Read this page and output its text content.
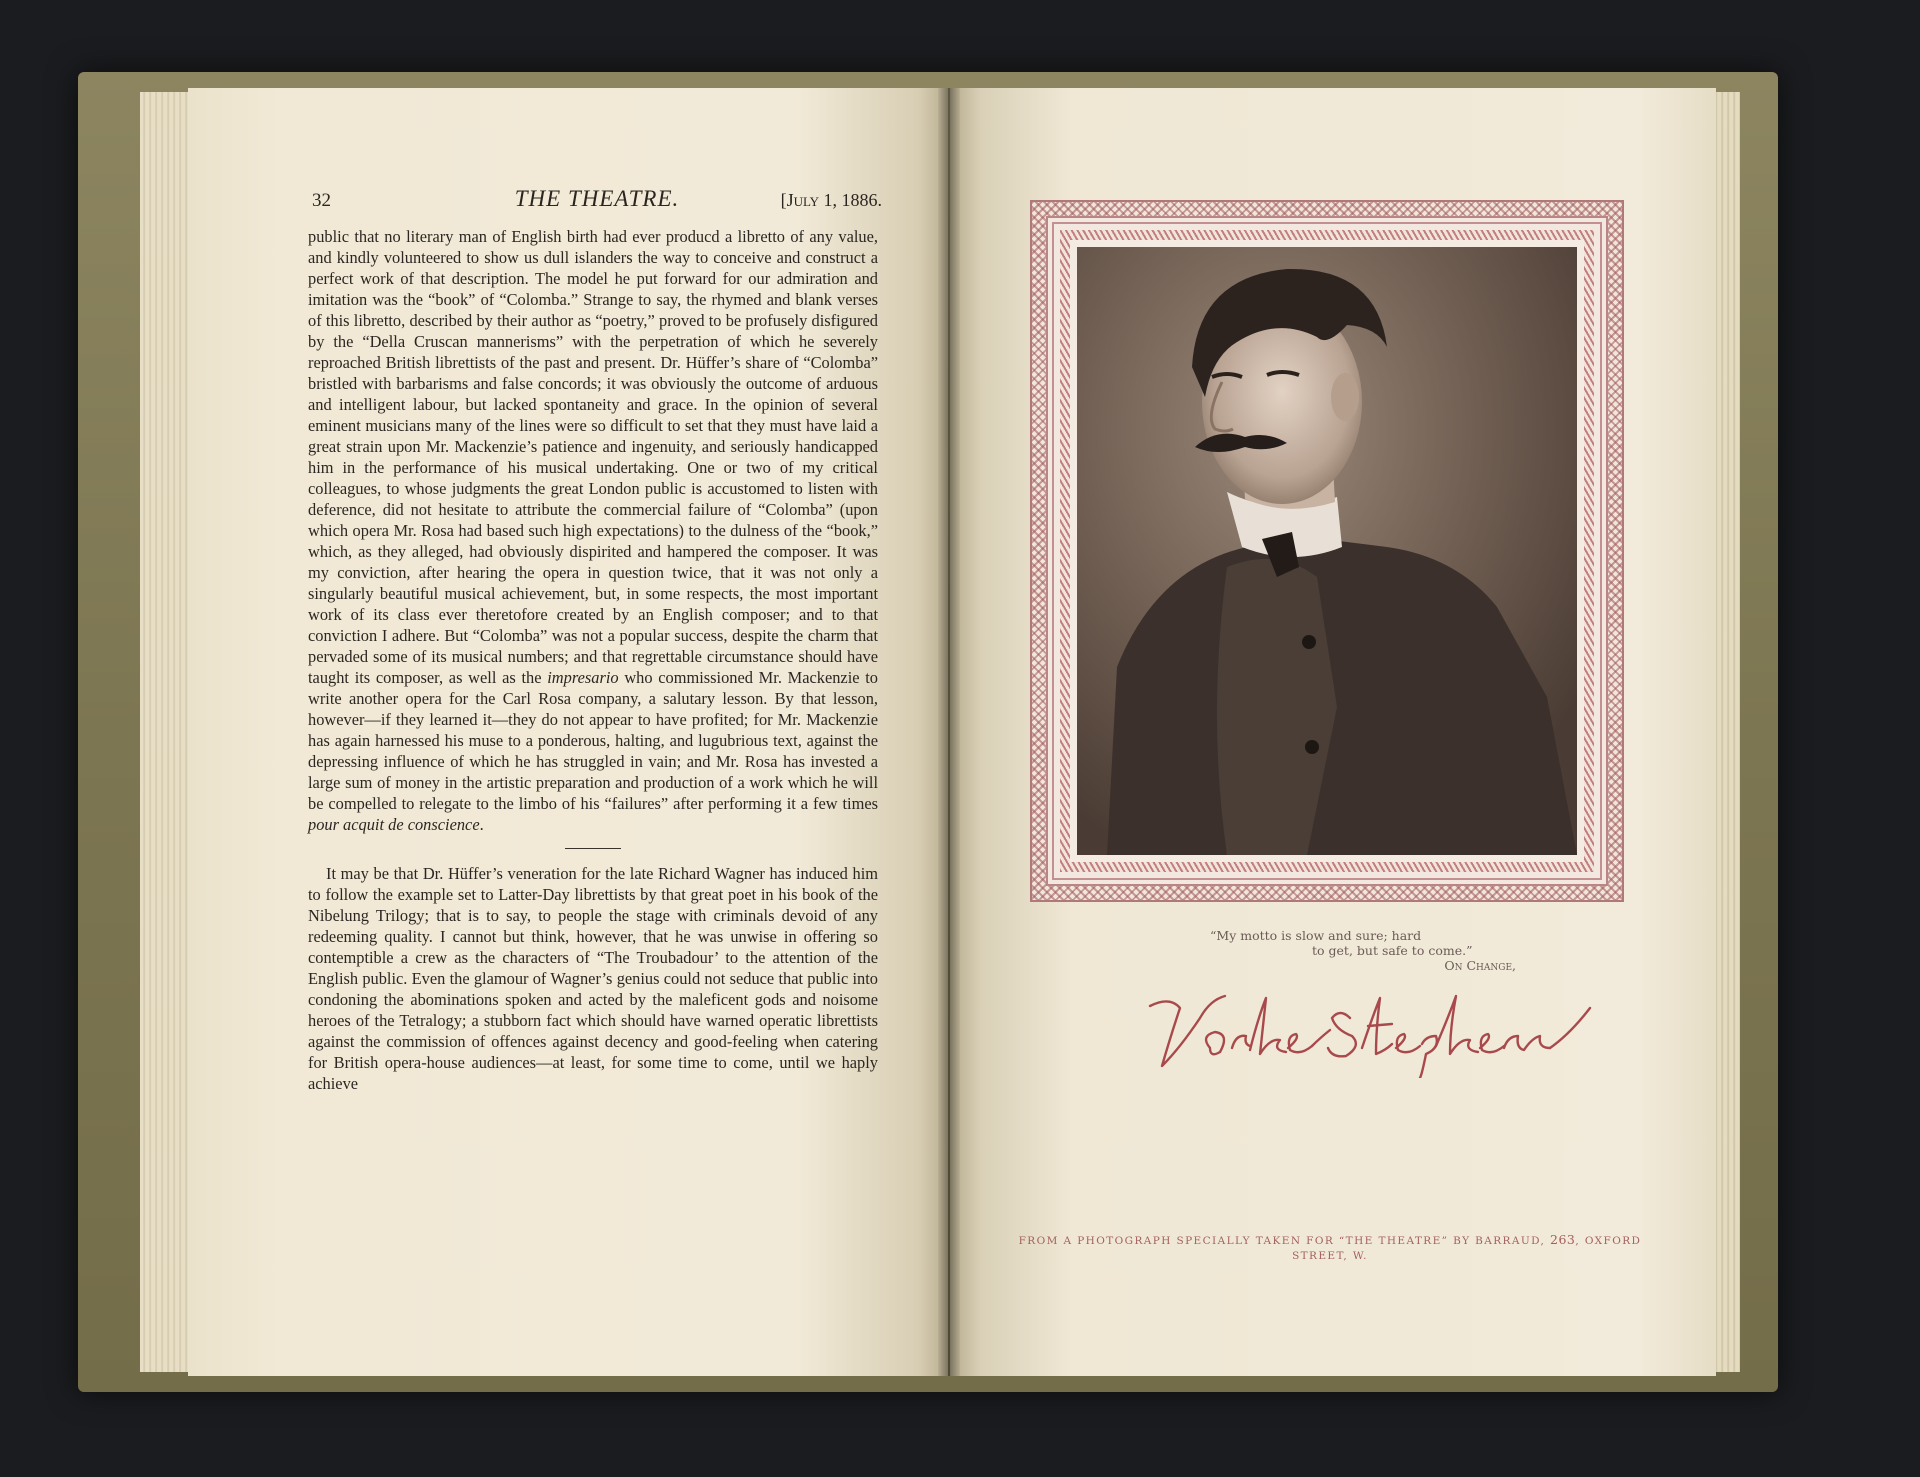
32	THE THEATRE.	[July 1, 1886.

public that no literary man of English birth had ever producd a libretto of any value, and kindly volunteered to show us dull islanders the way to conceive and construct a perfect work of that description. The model he put forward for our admiration and imitation was the “book” of “Colomba.” Strange to say, the rhymed and blank verses of this libretto, described by their author as “poetry,” proved to be profusely disfigured by the “Della Cruscan mannerisms” with the perpetration of which he severely reproached British librettists of the past and present. Dr. Hüffer’s share of “Colomba” bristled with barbarisms and false concords; it was obviously the outcome of arduous and intelligent labour, but lacked spontaneity and grace. In the opinion of several eminent musicians many of the lines were so difficult to set that they must have laid a great strain upon Mr. Mackenzie’s patience and ingenuity, and seriously handicapped him in the performance of his musical undertaking. One or two of my critical colleagues, to whose judgments the great London public is accustomed to listen with deference, did not hesitate to attribute the commercial failure of “Colomba” (upon which opera Mr. Rosa had based such high expectations) to the dulness of the “book,” which, as they alleged, had obviously dispirited and hampered the composer. It was my conviction, after hearing the opera in question twice, that it was not only a singularly beautiful musical achievement, but, in some respects, the most important work of its class ever theretofore created by an English composer; and to that conviction I adhere. But “Colomba” was not a popular success, despite the charm that pervaded some of its musical numbers; and that regrettable circumstance should have taught its composer, as well as the impresario who commissioned Mr. Mackenzie to write another opera for the Carl Rosa company, a salutary lesson. By that lesson, however—if they learned it—they do not appear to have profited; for Mr. Mackenzie has again harnessed his muse to a ponderous, halting, and lugubrious text, against the depressing influence of which he has struggled in vain; and Mr. Rosa has invested a large sum of money in the artistic preparation and production of a work which he will be compelled to relegate to the limbo of his “failures” after performing it a few times pour acquit de conscience.

It may be that Dr. Hüffer’s veneration for the late Richard Wagner has induced him to follow the example set to Latter-Day librettists by that great poet in his book of the Nibelung Trilogy; that is to say, to people the stage with criminals devoid of any redeeming quality. I cannot but think, however, that he was unwise in offering so contemptible a crew as the characters of “The Troubadour’ to the attention of the English public. Even the glamour of Wagner’s genius could not seduce that public into condoning the abominations spoken and acted by the maleficent gods and noisome heroes of the Tetralogy; a stubborn fact which should have warned operatic librettists against the commission of offences against decency and good-feeling when catering for British opera-house audiences—at least, for some time to come, until we haply achieve

“My motto is slow and sure; hard
to get, but safe to come.”
On Change,
FROM A PHOTOGRAPH SPECIALLY TAKEN FOR “THE THEATRE” BY BARRAUD, 263, OXFORD STREET, W.
